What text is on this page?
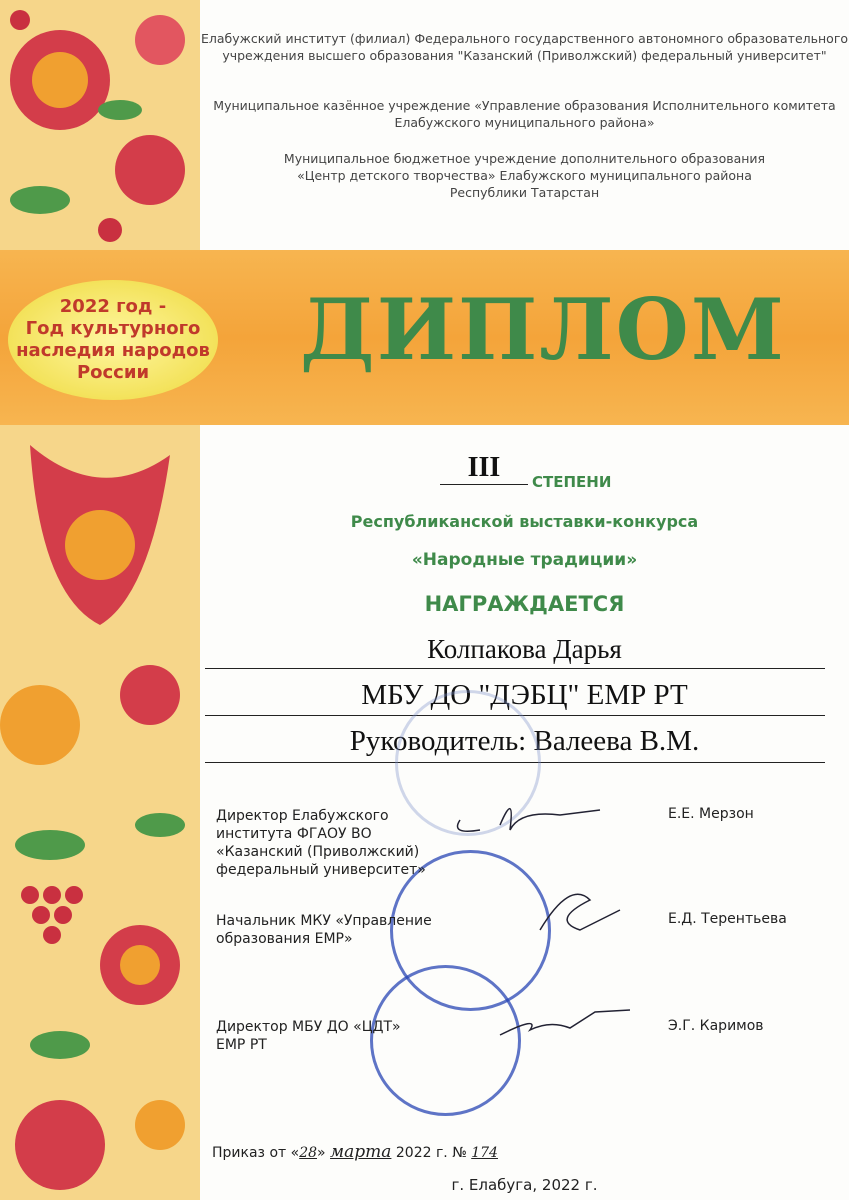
Елабужский институт (филиал) Федерального государственного автономного образовательного учреждения высшего образования "Казанский (Приволжский) федеральный университет"
Муниципальное казённое учреждение «Управление образования Исполнительного комитета Елабужского муниципального района»
Муниципальное бюджетное учреждение дополнительного образования «Центр детского творчества» Елабужского муниципального района Республики Татарстан
2022 год -
Год культурного
наследия народов
России	ДИПЛОМ
III	СТЕПЕНИ
Республиканской выставки-конкурса
«Народные традиции»
НАГРАЖДАЕТСЯ
Колпакова Дарья
МБУ ДО "ДЭБЦ" ЕМР РТ
Руководитель: Валеева В.М.
Директор Елабужского
института ФГАОУ ВО
«Казанский (Приволжский)
федеральный университет»
Е.Е. Мерзон
Начальник МКУ «Управление
образования ЕМР»
Е.Д. Терентьева
Директор МБУ ДО «ЦДТ»
ЕМР РТ
Э.Г. Каримов
Приказ от «28» марта 2022 г. № 174
г. Елабуга, 2022 г.
